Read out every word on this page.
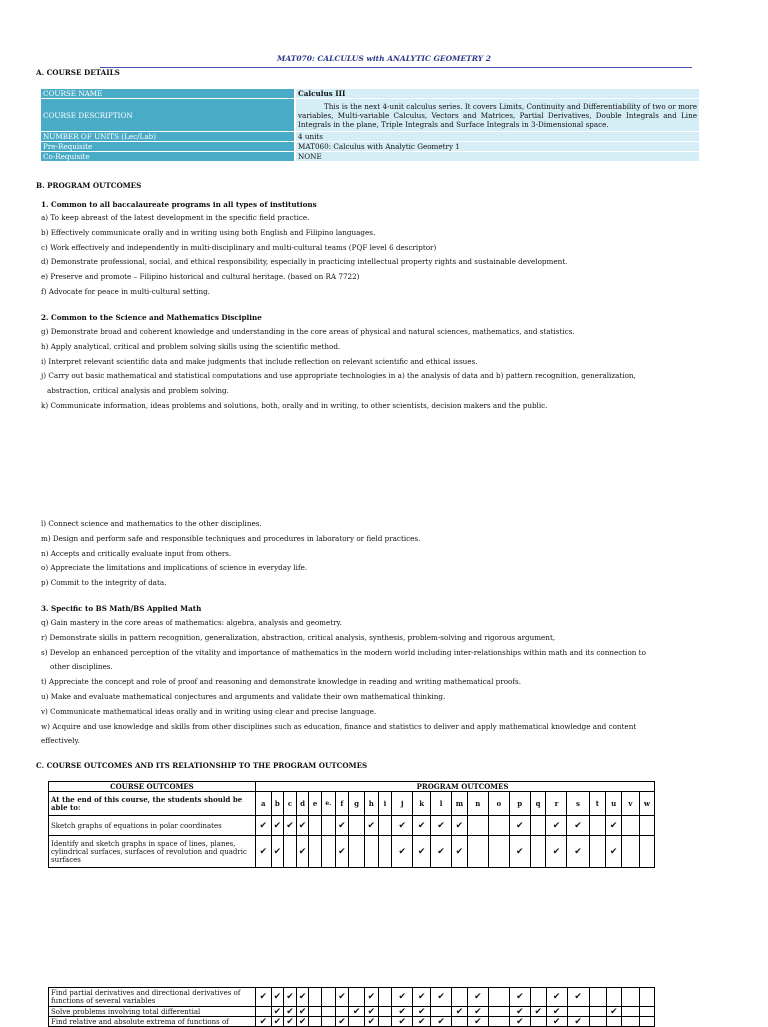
MAT070: CALCULUS with ANALYTIC GEOMETRY 2
A. COURSE DETAILS
COURSE NAME	Calculus III
COURSE DESCRIPTION	This is the next 4-unit calculus series. It covers Limits, Continuity and Differentiability of two or more variables, Multi-variable Calculus, Vectors and Matrices, Partial Derivatives, Double Integrals and Line Integrals in the plane, Triple Integrals and Surface Integrals in 3-Dimensional space.
NUMBER OF UNITS (Lec/Lab)	4 units
Pre-Requisite	MAT060: Calculus with Analytic Geometry 1
Co-Requisite	NONE
B. PROGRAM OUTCOMES
1. Common to all baccalaureate programs in all types of institutions
a) To keep abreast of the latest development in the specific field practice.
b) Effectively communicate orally and in writing using both English and Filipino languages.
c) Work effectively and independently in multi-disciplinary and multi-cultural teams (PQF level 6 descriptor)
d) Demonstrate professional, social, and ethical responsibility, especially in practicing intellectual property rights and sustainable development.
e) Preserve and promote – Filipino historical and cultural heritage. (based on RA 7722)
f) Advocate for peace in multi-cultural setting.
2. Common to the Science and Mathematics Discipline
g) Demonstrate broad and coherent knowledge and understanding in the core areas of physical and natural sciences, mathematics, and statistics.
h) Apply analytical, critical and problem solving skills using the scientific method.
i) Interpret relevant scientific data and make judgments that include reflection on relevant scientific and ethical issues.
j) Carry out basic mathematical and statistical computations and use appropriate technologies in a) the analysis of data and b) pattern recognition, generalization,
abstraction, critical analysis and problem solving.
k) Communicate information, ideas problems and solutions, both, orally and in writing, to other scientists, decision makers and the public.
l) Connect science and mathematics to the other disciplines.
m) Design and perform safe and responsible techniques and procedures in laboratory or field practices.
n) Accepts and critically evaluate input from others.
o) Appreciate the limitations and implications of science in everyday life.
p) Commit to the integrity of data.
3. Specific to BS Math/BS Applied Math
q) Gain mastery in the core areas of mathematics: algebra, analysis and geometry.
r) Demonstrate skills in pattern recognition, generalization, abstraction, critical analysis, synthesis, problem-solving and rigorous argument,
s) Develop an enhanced perception of the vitality and importance of mathematics in the modern world including inter-relationships within math and its connection to
other disciplines.
t) Appreciate the concept and role of proof and reasoning and demonstrate knowledge in reading and writing mathematical proofs.
u) Make and evaluate mathematical conjectures and arguments and validate their own mathematical thinking.
v) Communicate mathematical ideas orally and in writing using clear and precise language.
w) Acquire and use knowledge and skills from other disciplines such as education, finance and statistics to deliver and apply mathematical knowledge and content
effectively.
C. COURSE OUTCOMES AND ITS RELATIONSHIP TO THE PROGRAM OUTCOMES
COURSE OUTCOMES		PROGRAM OUTCOMES																						
At the end of this course, the students should be able to:	a	b	c	d	e	e.	f	g	h	i	j	k	l	m	n	o	p	q	r	s	t	u	v	w
Sketch graphs of equations in polar coordinates	✔	✔	✔	✔			✔		✔		✔	✔	✔	✔			✔		✔	✔		✔		
Identify and sketch graphs in space of lines, planes, cylindrical surfaces, surfaces of revolution and quadric surfaces	✔	✔		✔			✔				✔	✔	✔	✔			✔		✔	✔		✔		
Find partial derivatives and directional derivatives of functions of several variables	✔	✔	✔	✔			✔		✔		✔	✔	✔		✔		✔		✔	✔				
Solve problems involving total differential		✔	✔	✔				✔	✔		✔	✔		✔	✔		✔	✔	✔			✔		
Find relative and absolute extrema of functions of	✔	✔	✔	✔			✔		✔		✔	✔	✔		✔		✔		✔	✔				
